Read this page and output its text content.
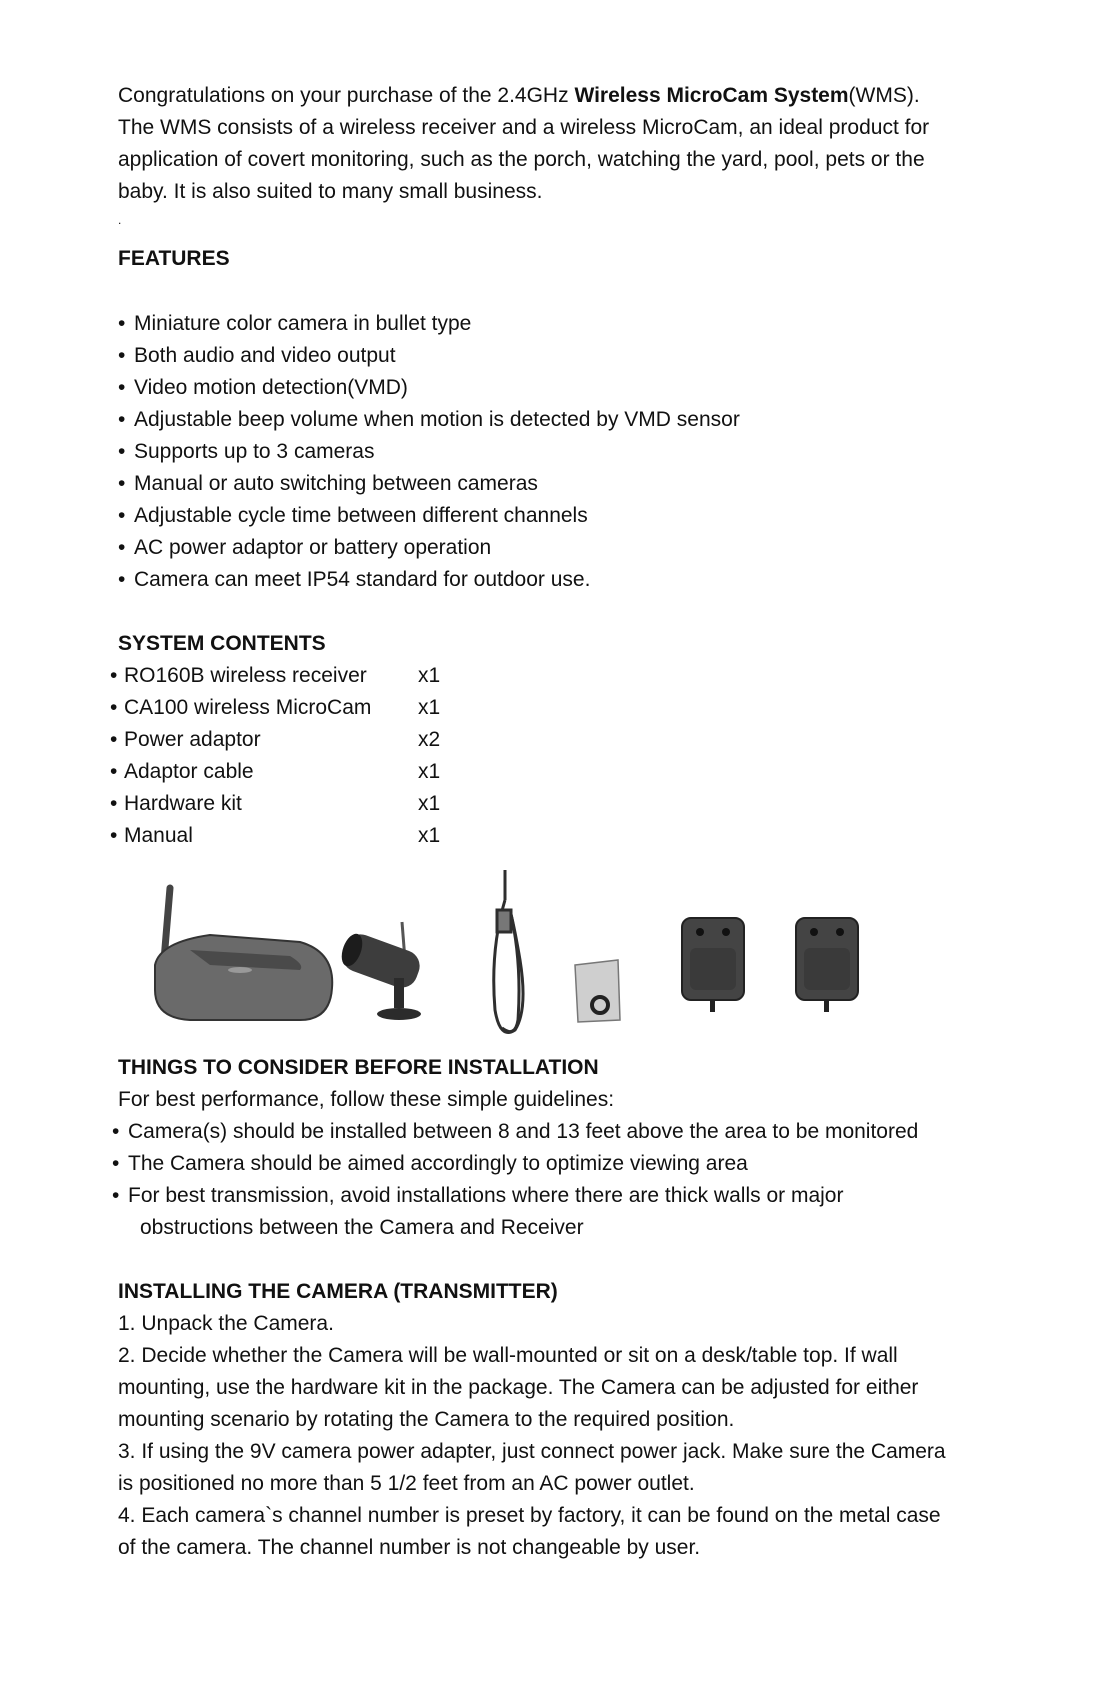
Congratulations on your purchase of the 2.4GHz Wireless MicroCam System(WMS).
The WMS consists of a wireless receiver and a wireless MicroCam, an ideal product for
application of covert monitoring, such as the porch, watching the yard, pool, pets or the
baby. It is also suited to many small business.
.
FEATURES
• Miniature color camera in bullet type
• Both audio and video output
• Video motion detection(VMD)
• Adjustable beep volume when motion is detected by VMD sensor
• Supports up to 3 cameras
• Manual or auto switching between cameras
• Adjustable cycle time between different channels
• AC power adaptor or battery operation
• Camera can meet IP54 standard for outdoor use.
SYSTEM CONTENTS
• RO160B wireless receiver x1
• CA100 wireless MicroCam x1
• Power adaptor	x2
• Adaptor cable	x1
• Hardware kit	x1
• Manual	x1
THINGS TO CONSIDER BEFORE INSTALLATION
For best performance, follow these simple guidelines:
• Camera(s) should be installed between 8 and 13 feet above the area to be monitored
• The Camera should be aimed accordingly to optimize viewing area
• For best transmission, avoid installations where there are thick walls or major
obstructions between the Camera and Receiver
INSTALLING THE CAMERA (TRANSMITTER)
1. Unpack the Camera.
2. Decide whether the Camera will be wall-mounted or sit on a desk/table top. If wall
mounting, use the hardware kit in the package. The Camera can be adjusted for either
mounting scenario by rotating the Camera to the required position.
3. If using the 9V camera power adapter, just connect power jack. Make sure the Camera
is positioned no more than 5 1/2 feet from an AC power outlet.
4. Each camera`s channel number is preset by factory, it can be found on the metal case
of the camera. The channel number is not changeable by user.
